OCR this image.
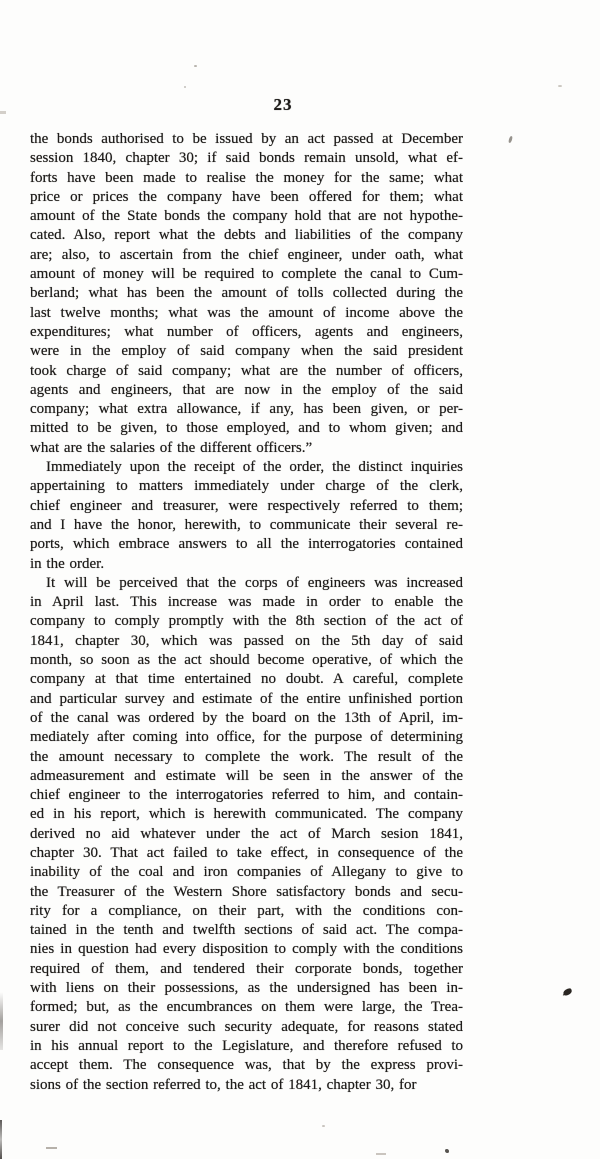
23
the bonds authorised to be issued by an act passed at December
session 1840, chapter 30; if said bonds remain unsold, what ef-
forts have been made to realise the money for the same; what
price or prices the company have been offered for them; what
amount of the State bonds the company hold that are not hypothe-
cated. Also, report what the debts and liabilities of the company
are; also, to ascertain from the chief engineer, under oath, what
amount of money will be required to complete the canal to Cum-
berland; what has been the amount of tolls collected during the
last twelve months; what was the amount of income above the
expenditures; what number of officers, agents and engineers,
were in the employ of said company when the said president
took charge of said company; what are the number of officers,
agents and engineers, that are now in the employ of the said
company; what extra allowance, if any, has been given, or per-
mitted to be given, to those employed, and to whom given; and
what are the salaries of the different officers.”
Immediately upon the receipt of the order, the distinct inquiries
appertaining to matters immediately under charge of the clerk,
chief engineer and treasurer, were respectively referred to them;
and I have the honor, herewith, to communicate their several re-
ports, which embrace answers to all the interrogatories contained
in the order.
It will be perceived that the corps of engineers was increased
in April last. This increase was made in order to enable the
company to comply promptly with the 8th section of the act of
1841, chapter 30, which was passed on the 5th day of said
month, so soon as the act should become operative, of which the
company at that time entertained no doubt. A careful, complete
and particular survey and estimate of the entire unfinished portion
of the canal was ordered by the board on the 13th of April, im-
mediately after coming into office, for the purpose of determining
the amount necessary to complete the work. The result of the
admeasurement and estimate will be seen in the answer of the
chief engineer to the interrogatories referred to him, and contain-
ed in his report, which is herewith communicated. The company
derived no aid whatever under the act of March sesion 1841,
chapter 30. That act failed to take effect, in consequence of the
inability of the coal and iron companies of Allegany to give to
the Treasurer of the Western Shore satisfactory bonds and secu-
rity for a compliance, on their part, with the conditions con-
tained in the tenth and twelfth sections of said act. The compa-
nies in question had every disposition to comply with the conditions
required of them, and tendered their corporate bonds, together
with liens on their possessions, as the undersigned has been in-
formed; but, as the encumbrances on them were large, the Trea-
surer did not conceive such security adequate, for reasons stated
in his annual report to the Legislature, and therefore refused to
accept them. The consequence was, that by the express provi-
sions of the section referred to, the act of 1841, chapter 30, for
